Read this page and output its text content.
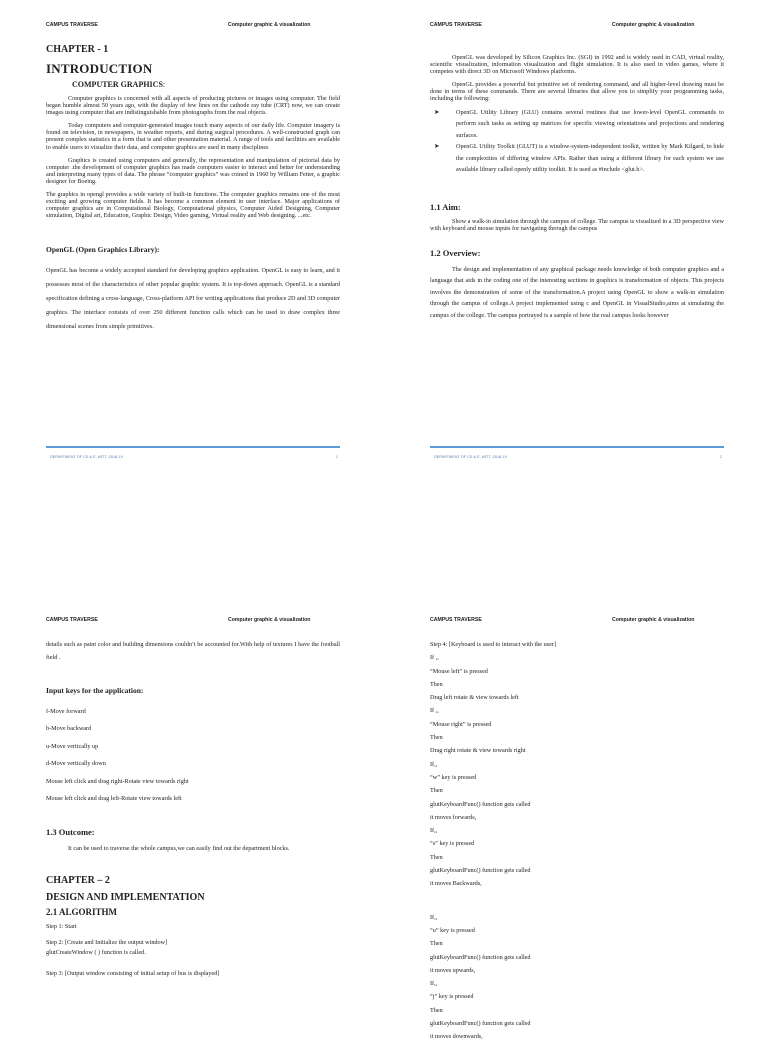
CAMPUS TRAVERSE	Computer graphic & visualization

CHAPTER - 1

INTRODUCTION

COMPUTER GRAPHICS:

Computer graphics is concerned with all aspects of producing pictures or images using computer. The field began humble almost 50 years ago, with the display of few lines on the cathode ray tube (CRT) now, we can create images using computer that are indistinguishable from photographs from the real objects.

Today computers and computer-generated images touch many aspects of our daily life. Computer imagery is found on television, in newspapers, in weather reports, and during surgical procedures. A well-constructed graph can present complex statistics in a form that is and other presentation material. A range of tools and facilities are available to enable users to visualize their data, and computer graphics are used in many disciplines

Graphics is created using computers and generally, the representation and manipulation of pictorial data by computer .the development of computer graphics has made computers easier to interact and better for understanding and interpreting many types of data. The phrase “computer graphics” was coined in 1960 by William Fetter, a graphic designer for Boeing.

The graphics in opengl provides a wide variety of built-in functions. The computer graphics remains one of the most exciting and growing computer fields. It has become a common element in user interface. Major applications of computer graphics are in Computational Biology, Computational physics, Computer Aided Designing, Computer simulation, Digital art, Education, Graphic Design, Video gaming, Virtual reality and Web designing. ...etc.

OpenGL (Open Graphics Library):

OpenGL has become a widely accepted standard for developing graphics application. OpenGL is easy to learn, and it possesses most of the characteristics of other popular graphic system. It is top-down approach. OpenGL is a standard specification defining a cross-language, Cross-platform API for writing applications that produce 2D and 3D computer graphics. The interface consists of over 250 different function calls which can be used to draw complex three dimensional scenes from simple primitives.

DEPARTMENT OF CS & E, MITT -2018-19	1
CAMPUS TRAVERSE	Computer graphic & visualization

OpenGL was developed by Silicon Graphics Inc. (SGI) in 1992 and is widely used in CAD, virtual reality, scientific visualization, information visualization and flight simulation. It is also used in video games, where it competes with direct 3D on Microsoft Windows platforms.

OpenGL provides a powerful but primitive set of rendering command, and all higher-level drawing must be done in terms of these commands. There are several libraries that allow you to simplify your programming tasks, including the following:

➤	OpenGL Utility Library (GLU) contains several routines that use lower-level OpenGL commands to perform such tasks as setting up matrices for specific viewing orientations and projections and rendering surfaces.
➤	OpenGL Utility Toolkit (GLUT) is a window-system-independent toolkit, written by Mark Kilgard, to hide the complexities of differing window APIs. Rather than using a different library for each system we use available library called openly utility toolkit. It is used as #include <glut.h>.

1.1 Aim:

Show a walk-in simulation through the campus of college. The campus is visualized in a 3D perspective view with keyboard and mouse inputs for navigating through the campus

1.2 Overview:

The design and implementation of any graphical package needs knowledge of both computer graphics and a language that aids in the coding one of the interesting sections in graphics is transformation of objects. This projects involves the demonstration of some of the transformation.A project using OpenGL to show a walk-in simulation through the campus of college.A project implemented using c and OpenGL in VisualStudio,aims at simulating the campus of the college. The campus portrayed is a sample of how the real campus looks however

DEPARTMENT OF CS & E, MITT -2018-19	2
CAMPUS TRAVERSE	Computer graphic & visualization

details such as paint color and building dimensions couldn’t be accounted for.With help of textures I have the football field .

Input keys for the application:

f-Move forward

b-Move backward

u-Move vertically up

d-Move vertically down

Mouse left click and drag right-Rotate view towards right

Mouse left click and drag left-Rotate view towards left

1.3 Outcome:

It can be used to traverse the whole campus,we can easily find out the department blocks.

CHAPTER – 2

DESIGN AND IMPLEMENTATION

2.1 ALGORITHM

Step 1: Start

Step 2: [Create and Initialize the output window]

glutCreateWindow ( ) function is called.

Step 3: [Output window consisting of initial setup of bus is displayed]

CAMPUS TRAVERSE	Computer graphic & visualization

Step 4: [Keyboard is used to interact with the user]

If ,,

“Mouse left” is pressed

Then

Drag left rotate & view towards left

If ,,

“Mouse right” is pressed

Then

Drag right rotate & view towards right

If,,

“w” key is pressed

Then

glutKeyboardFunc() function gets called

it moves forwards,

If,,

“s” key is pressed

Then

glutKeyboardFunc() function gets called

it moves Backwards,

If,,

“u” key is pressed

Then

glutKeyboardFunc() function gets called

it moves upwards,

If,,

“j” key is pressed

Then

glutKeyboardFunc() function gets called

it moves downwards,
